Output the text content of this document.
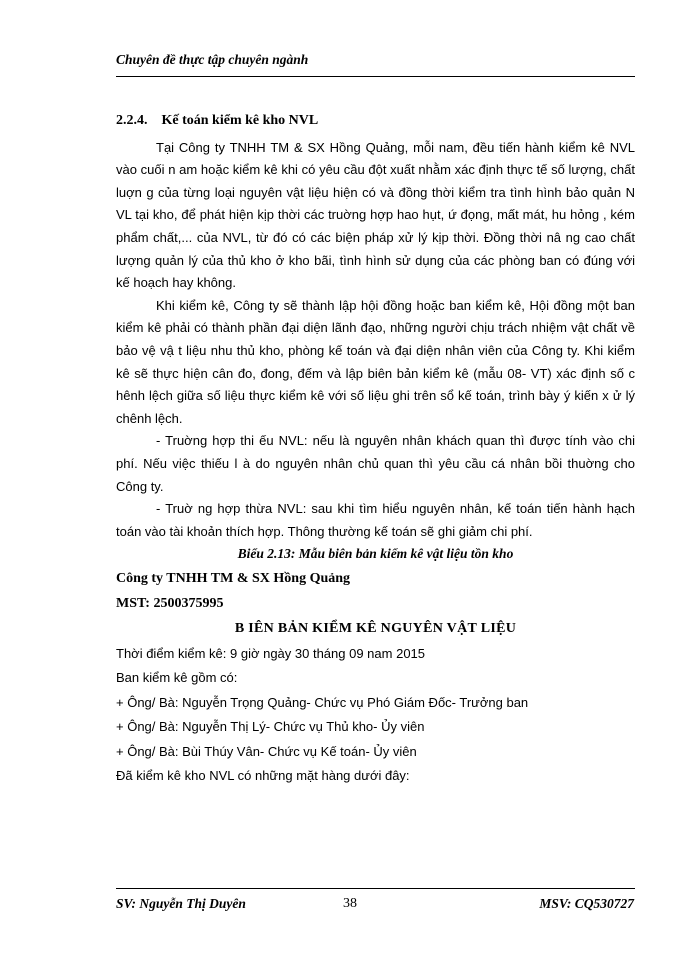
Chuyên đề thực tập chuyên ngành

2.2.4. Kế toán kiểm kê kho NVL

Tại Công ty TNHH TM & SX Hồng Quảng, mỗi nam, đều tiến hành kiểm kê NVL vào cuối n am hoặc kiểm kê khi có yêu cầu đột xuất nhằm xác định thực tế số lượng, chất luợn g của từng loại nguyên vật liệu hiện có và đồng thời kiểm tra tình hình bảo quản N VL tại kho, để phát hiện kịp thời các truờng hợp hao hụt, ứ đọng, mất mát, hu hỏng , kém phẩm chất,... của NVL, từ đó có các biện pháp xử lý kịp thời. Đồng thời nâ ng cao chất lượng quản lý của thủ kho ở kho bãi, tình hình sử dụng của các phòng ban có đúng với kế hoạch hay không.

Khi kiểm kê, Công ty sẽ thành lập hội đồng hoặc ban kiểm kê, Hội đồng một ban kiểm kê phải có thành phần đại diện lãnh đạo, những người chịu trách nhiệm vật chất về bảo vệ vậ t liệu nhu thủ kho, phòng kế toán và đại diện nhân viên của Công ty. Khi kiểm kê sẽ thực hiện cân đo, đong, đếm và lập biên bản kiểm kê (mẫu 08- VT) xác định số c hênh lệch giữa số liệu thực kiểm kê với số liệu ghi trên sổ kế toán, trình bày ý kiến x ử lý chênh lệch.

- Truờng hợp thi ếu NVL: nếu là nguyên nhân khách quan thì được tính vào chi phí. Nếu việc thiếu l à do nguyên nhân chủ quan thì yêu cầu cá nhân bồi thuờng cho Công ty.

- Truờ ng hợp thừa NVL: sau khi tìm hiểu nguyên nhân, kế toán tiến hành hạch toán vào tài khoản thích hợp. Thông thường kế toán sẽ ghi giảm chi phí.

Biểu 2.13: Mẫu biên bản kiểm kê vật liệu tồn kho

Công ty TNHH TM & SX Hồng Quảng

MST: 2500375995

B IÊN BẢN KIỂM KÊ NGUYÊN VẬT LIỆU

Thời điểm kiểm kê: 9 giờ ngày 30 tháng 09 nam 2015

Ban kiểm kê gồm có:

+ Ông/ Bà: Nguyễn Trọng Quảng- Chức vụ Phó Giám Đốc- Trưởng ban

+ Ông/ Bà: Nguyễn Thị Lý- Chức vụ Thủ kho- Ủy viên

+ Ông/ Bà: Bùi Thúy Vân- Chức vụ Kế toán- Ủy viên

Đã kiểm kê kho NVL có những mặt hàng dưới đây:

38
SV: Nguyễn Thị Duyên	MSV: CQ530727
